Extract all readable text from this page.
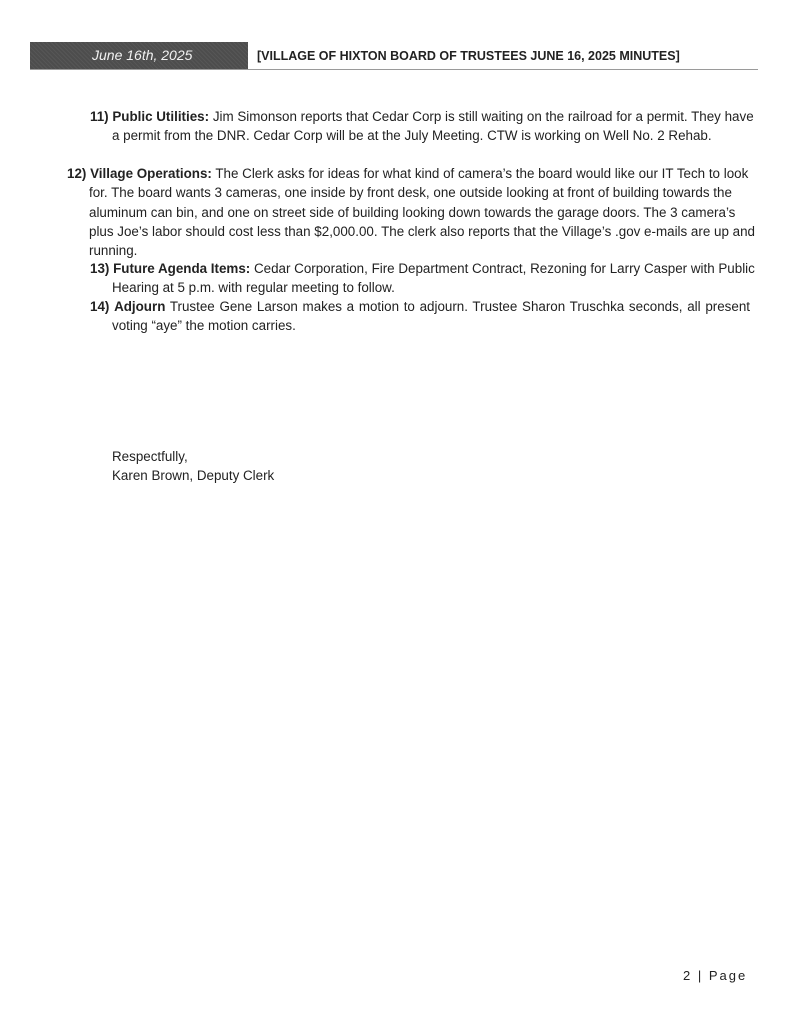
June 16th, 2025	[VILLAGE OF HIXTON BOARD OF TRUSTEES JUNE 16, 2025 MINUTES]

11) Public Utilities: Jim Simonson reports that Cedar Corp is still waiting on the railroad for a permit. They have a permit from the DNR. Cedar Corp will be at the July Meeting. CTW is working on Well No. 2 Rehab.

12) Village Operations: The Clerk asks for ideas for what kind of camera’s the board would like our IT Tech to look for. The board wants 3 cameras, one inside by front desk, one outside looking at front of building towards the aluminum can bin, and one on street side of building looking down towards the garage doors. The 3 camera’s plus Joe’s labor should cost less than $2,000.00. The clerk also reports that the Village’s .gov e-mails are up and running.

13) Future Agenda Items: Cedar Corporation, Fire Department Contract, Rezoning for Larry Casper with Public Hearing at 5 p.m. with regular meeting to follow.

14) Adjourn Trustee Gene Larson makes a motion to adjourn. Trustee Sharon Truschka seconds, all present voting “aye” the motion carries.

Respectfully,
Karen Brown, Deputy Clerk
2 | Page
